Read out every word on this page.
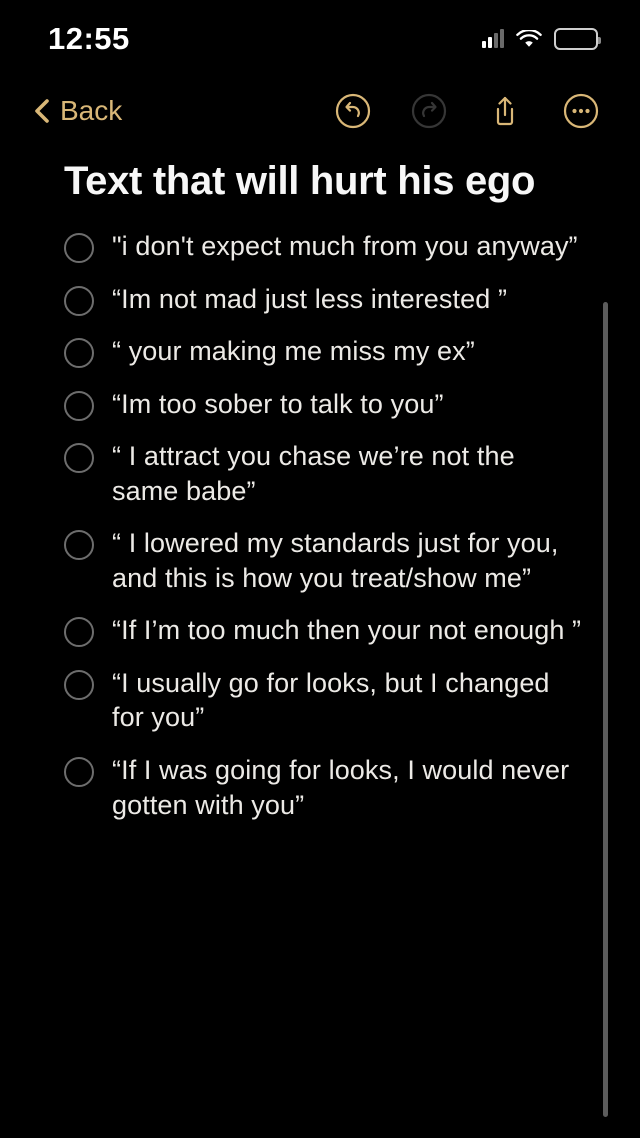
12:55
Back
Text that will hurt his ego
"i don't expect much from you anyway”
“Im not mad just less interested ”
“ your making me miss my ex”
“Im too sober to talk to you”
“ I attract you chase we’re not the same babe”
“ I lowered my standards just for you, and this is how you treat/show me”
“If I’m too much then your not enough ”
“I usually go for looks, but I changed for you”
“If I was going for looks, I would never gotten with you”
